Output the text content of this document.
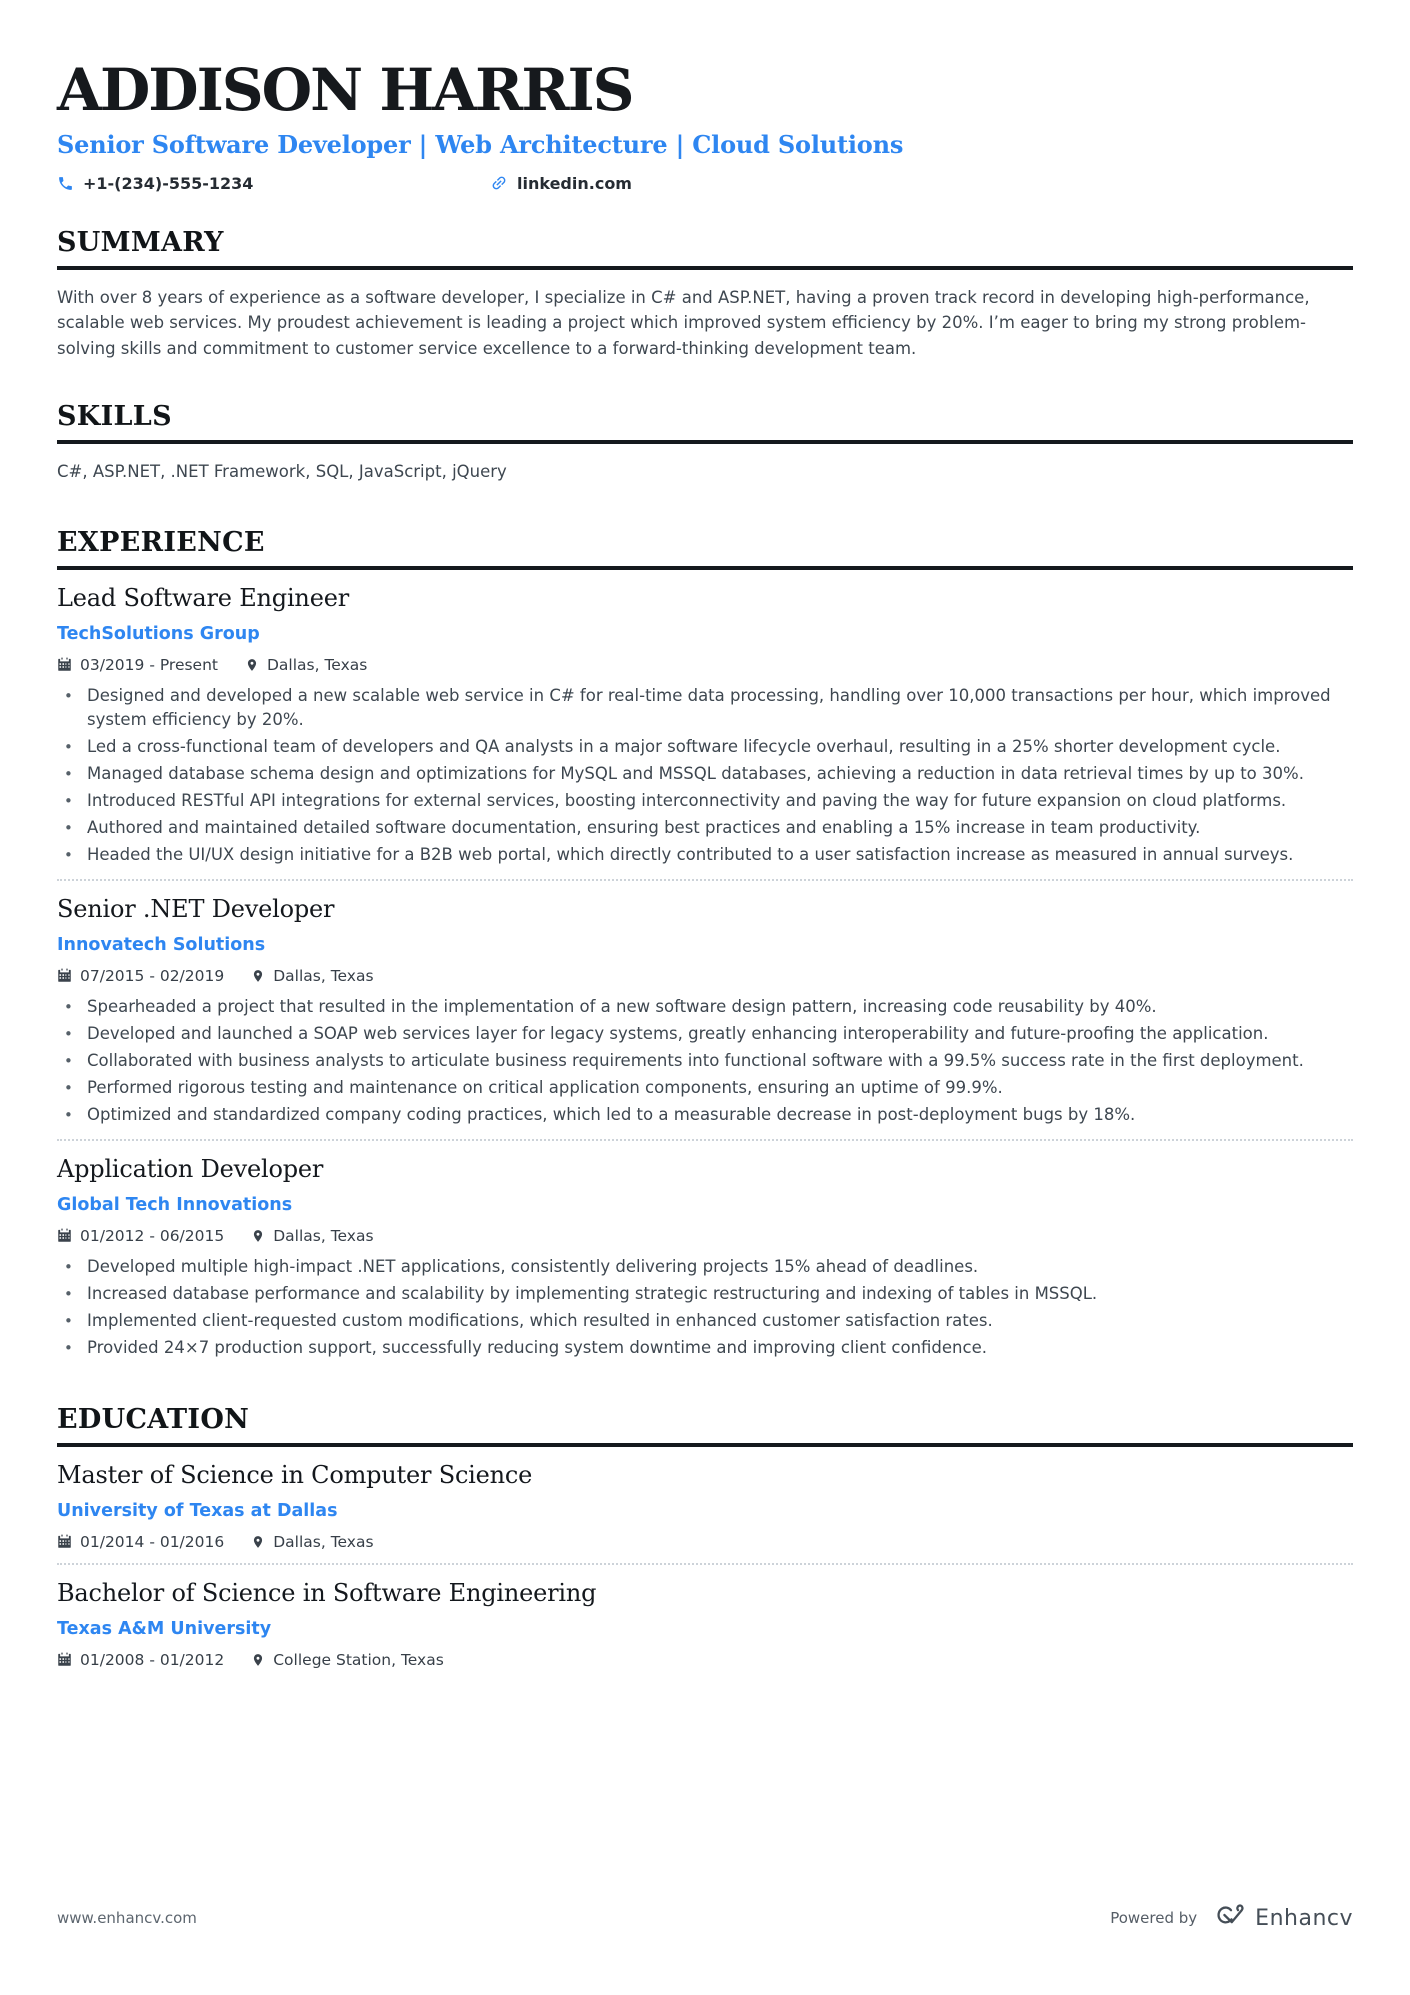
ADDISON HARRIS
Senior Software Developer | Web Architecture | Cloud Solutions
+1-(234)-555-1234	linkedin.com
SUMMARY
With over 8 years of experience as a software developer, I specialize in C# and ASP.NET, having a proven track record in developing high-performance, scalable web services. My proudest achievement is leading a project which improved system efficiency by 20%. I’m eager to bring my strong problem-solving skills and commitment to customer service excellence to a forward-thinking development team.
SKILLS
C#, ASP.NET, .NET Framework, SQL, JavaScript, jQuery
EXPERIENCE
Lead Software Engineer
TechSolutions Group
03/2019 - Present	Dallas, Texas
• Designed and developed a new scalable web service in C# for real-time data processing, handling over 10,000 transactions per hour, which improved system efficiency by 20%.
• Led a cross-functional team of developers and QA analysts in a major software lifecycle overhaul, resulting in a 25% shorter development cycle.
• Managed database schema design and optimizations for MySQL and MSSQL databases, achieving a reduction in data retrieval times by up to 30%.
• Introduced RESTful API integrations for external services, boosting interconnectivity and paving the way for future expansion on cloud platforms.
• Authored and maintained detailed software documentation, ensuring best practices and enabling a 15% increase in team productivity.
• Headed the UI/UX design initiative for a B2B web portal, which directly contributed to a user satisfaction increase as measured in annual surveys.
Senior .NET Developer
Innovatech Solutions
07/2015 - 02/2019	Dallas, Texas
• Spearheaded a project that resulted in the implementation of a new software design pattern, increasing code reusability by 40%.
• Developed and launched a SOAP web services layer for legacy systems, greatly enhancing interoperability and future-proofing the application.
• Collaborated with business analysts to articulate business requirements into functional software with a 99.5% success rate in the first deployment.
• Performed rigorous testing and maintenance on critical application components, ensuring an uptime of 99.9%.
• Optimized and standardized company coding practices, which led to a measurable decrease in post-deployment bugs by 18%.
Application Developer
Global Tech Innovations
01/2012 - 06/2015	Dallas, Texas
• Developed multiple high-impact .NET applications, consistently delivering projects 15% ahead of deadlines.
• Increased database performance and scalability by implementing strategic restructuring and indexing of tables in MSSQL.
• Implemented client-requested custom modifications, which resulted in enhanced customer satisfaction rates.
• Provided 24×7 production support, successfully reducing system downtime and improving client confidence.
EDUCATION
Master of Science in Computer Science
University of Texas at Dallas
01/2014 - 01/2016	Dallas, Texas
Bachelor of Science in Software Engineering
Texas A&M University
01/2008 - 01/2012	College Station, Texas
www.enhancv.com	Powered by	Enhancv
